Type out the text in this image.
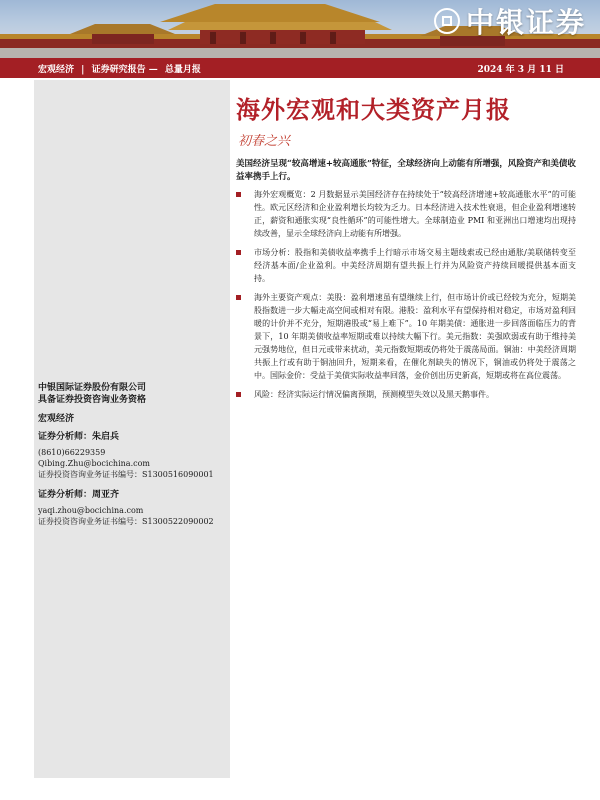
中银证券
宏观经济 | 证券研究报告 — 总量月报	2024 年 3 月 11 日
中银国际证券股份有限公司
具备证券投资咨询业务资格
宏观经济
证券分析师：朱启兵
(8610)66229359
Qibing.Zhu@bocichina.com
证券投资咨询业务证书编号：S1300516090001
证券分析师：周亚齐
yaqi.zhou@bocichina.com
证券投资咨询业务证书编号：S1300522090002
海外宏观和大类资产月报
初春之兴
美国经济呈现“较高增速+较高通胀”特征，全球经济向上动能有所增强，风险资产和美债收益率携手上行。
海外宏观概览：2 月数据显示美国经济存在持续处于“较高经济增速+较高通胀水平”的可能性。欧元区经济和企业盈利增长均较为乏力。日本经济进入技术性衰退，但企业盈利增速转正，薪资和通胀实现“良性循环”的可能性增大。全球制造业 PMI 和亚洲出口增速均出现持续改善，显示全球经济向上动能有所增强。
市场分析：股指和美债收益率携手上行暗示市场交易主题线索或已经由通胀/美联储转变至经济基本面/企业盈利。中美经济周期有望共振上行并为风险资产持续回暖提供基本面支持。
海外主要资产观点：美股：盈利增速虽有望继续上行，但市场计价或已经较为充分，短期美股指数进一步大幅走高空间或相对有限。港股：盈利水平有望保持相对稳定，市场对盈利回暖的计价并不充分，短期港股或“易上难下”。10 年期美债：通胀进一步回落面临压力的背景下，10 年期美债收益率短期或难以持续大幅下行。美元指数：美强欧弱或有助于维持美元强势地位，但日元或带来扰动，美元指数短期或仍将处于震荡局面。铜油：中美经济周期共振上行或有助于铜油回升，短期来看，在催化剂缺失的情况下，铜油或仍将处于震荡之中。国际金价：受益于美债实际收益率回落，金价创出历史新高，短期或将在高位震荡。
风险：经济实际运行情况偏离预期，预测模型失效以及黑天鹅事件。
